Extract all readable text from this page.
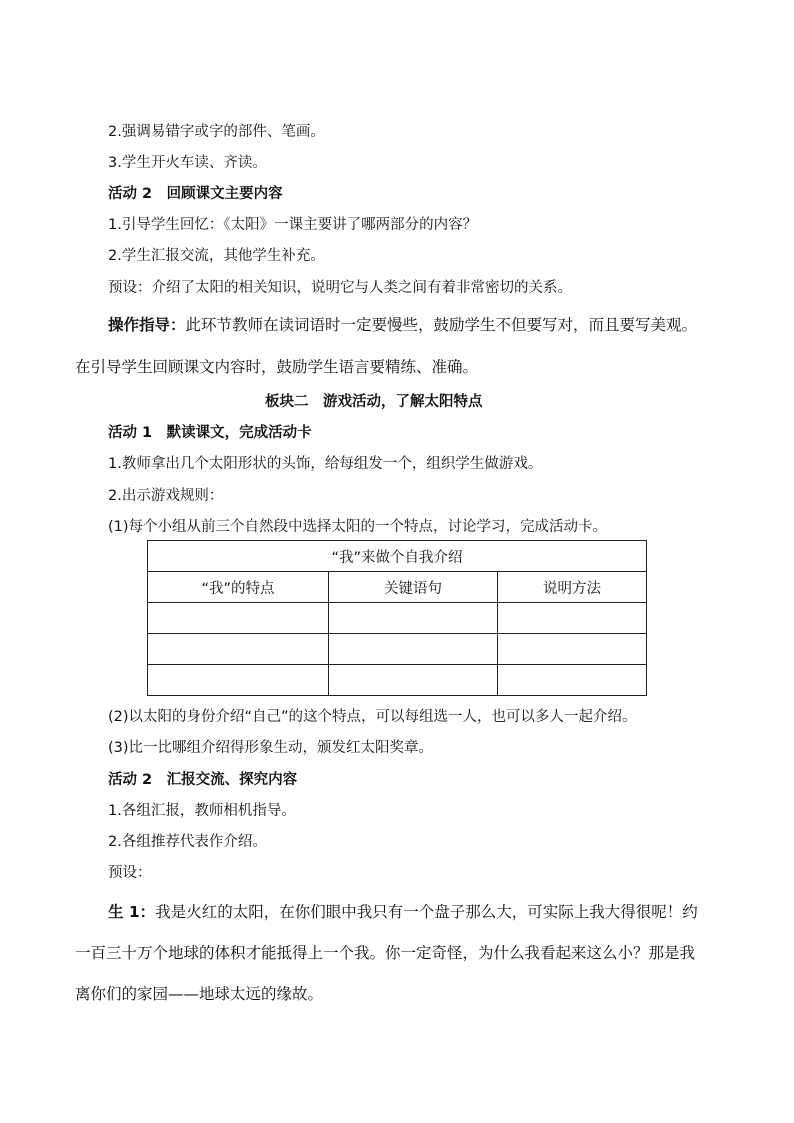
2.强调易错字或字的部件、笔画。
3.学生开火车读、齐读。
活动 2　回顾课文主要内容
1.引导学生回忆：《太阳》一课主要讲了哪两部分的内容？
2.学生汇报交流，其他学生补充。
预设：介绍了太阳的相关知识，说明它与人类之间有着非常密切的关系。
操作指导：此环节教师在读词语时一定要慢些，鼓励学生不但要写对，而且要写美观。
在引导学生回顾课文内容时，鼓励学生语言要精练、准确。
板块二　游戏活动，了解太阳特点
活动 1　默读课文，完成活动卡
1.教师拿出几个太阳形状的头饰，给每组发一个，组织学生做游戏。
2.出示游戏规则：
(1)每个小组从前三个自然段中选择太阳的一个特点，讨论学习，完成活动卡。
“我”来做个自我介绍		
“我”的特点	关键语句	说明方法

(2)以太阳的身份介绍“自己”的这个特点，可以每组选一人，也可以多人一起介绍。
(3)比一比哪组介绍得形象生动，颁发红太阳奖章。
活动 2　汇报交流、探究内容
1.各组汇报，教师相机指导。
2.各组推荐代表作介绍。
预设：
生 1：我是火红的太阳，在你们眼中我只有一个盘子那么大，可实际上我大得很呢！约
一百三十万个地球的体积才能抵得上一个我。你一定奇怪，为什么我看起来这么小？那是我
离你们的家园——地球太远的缘故。
